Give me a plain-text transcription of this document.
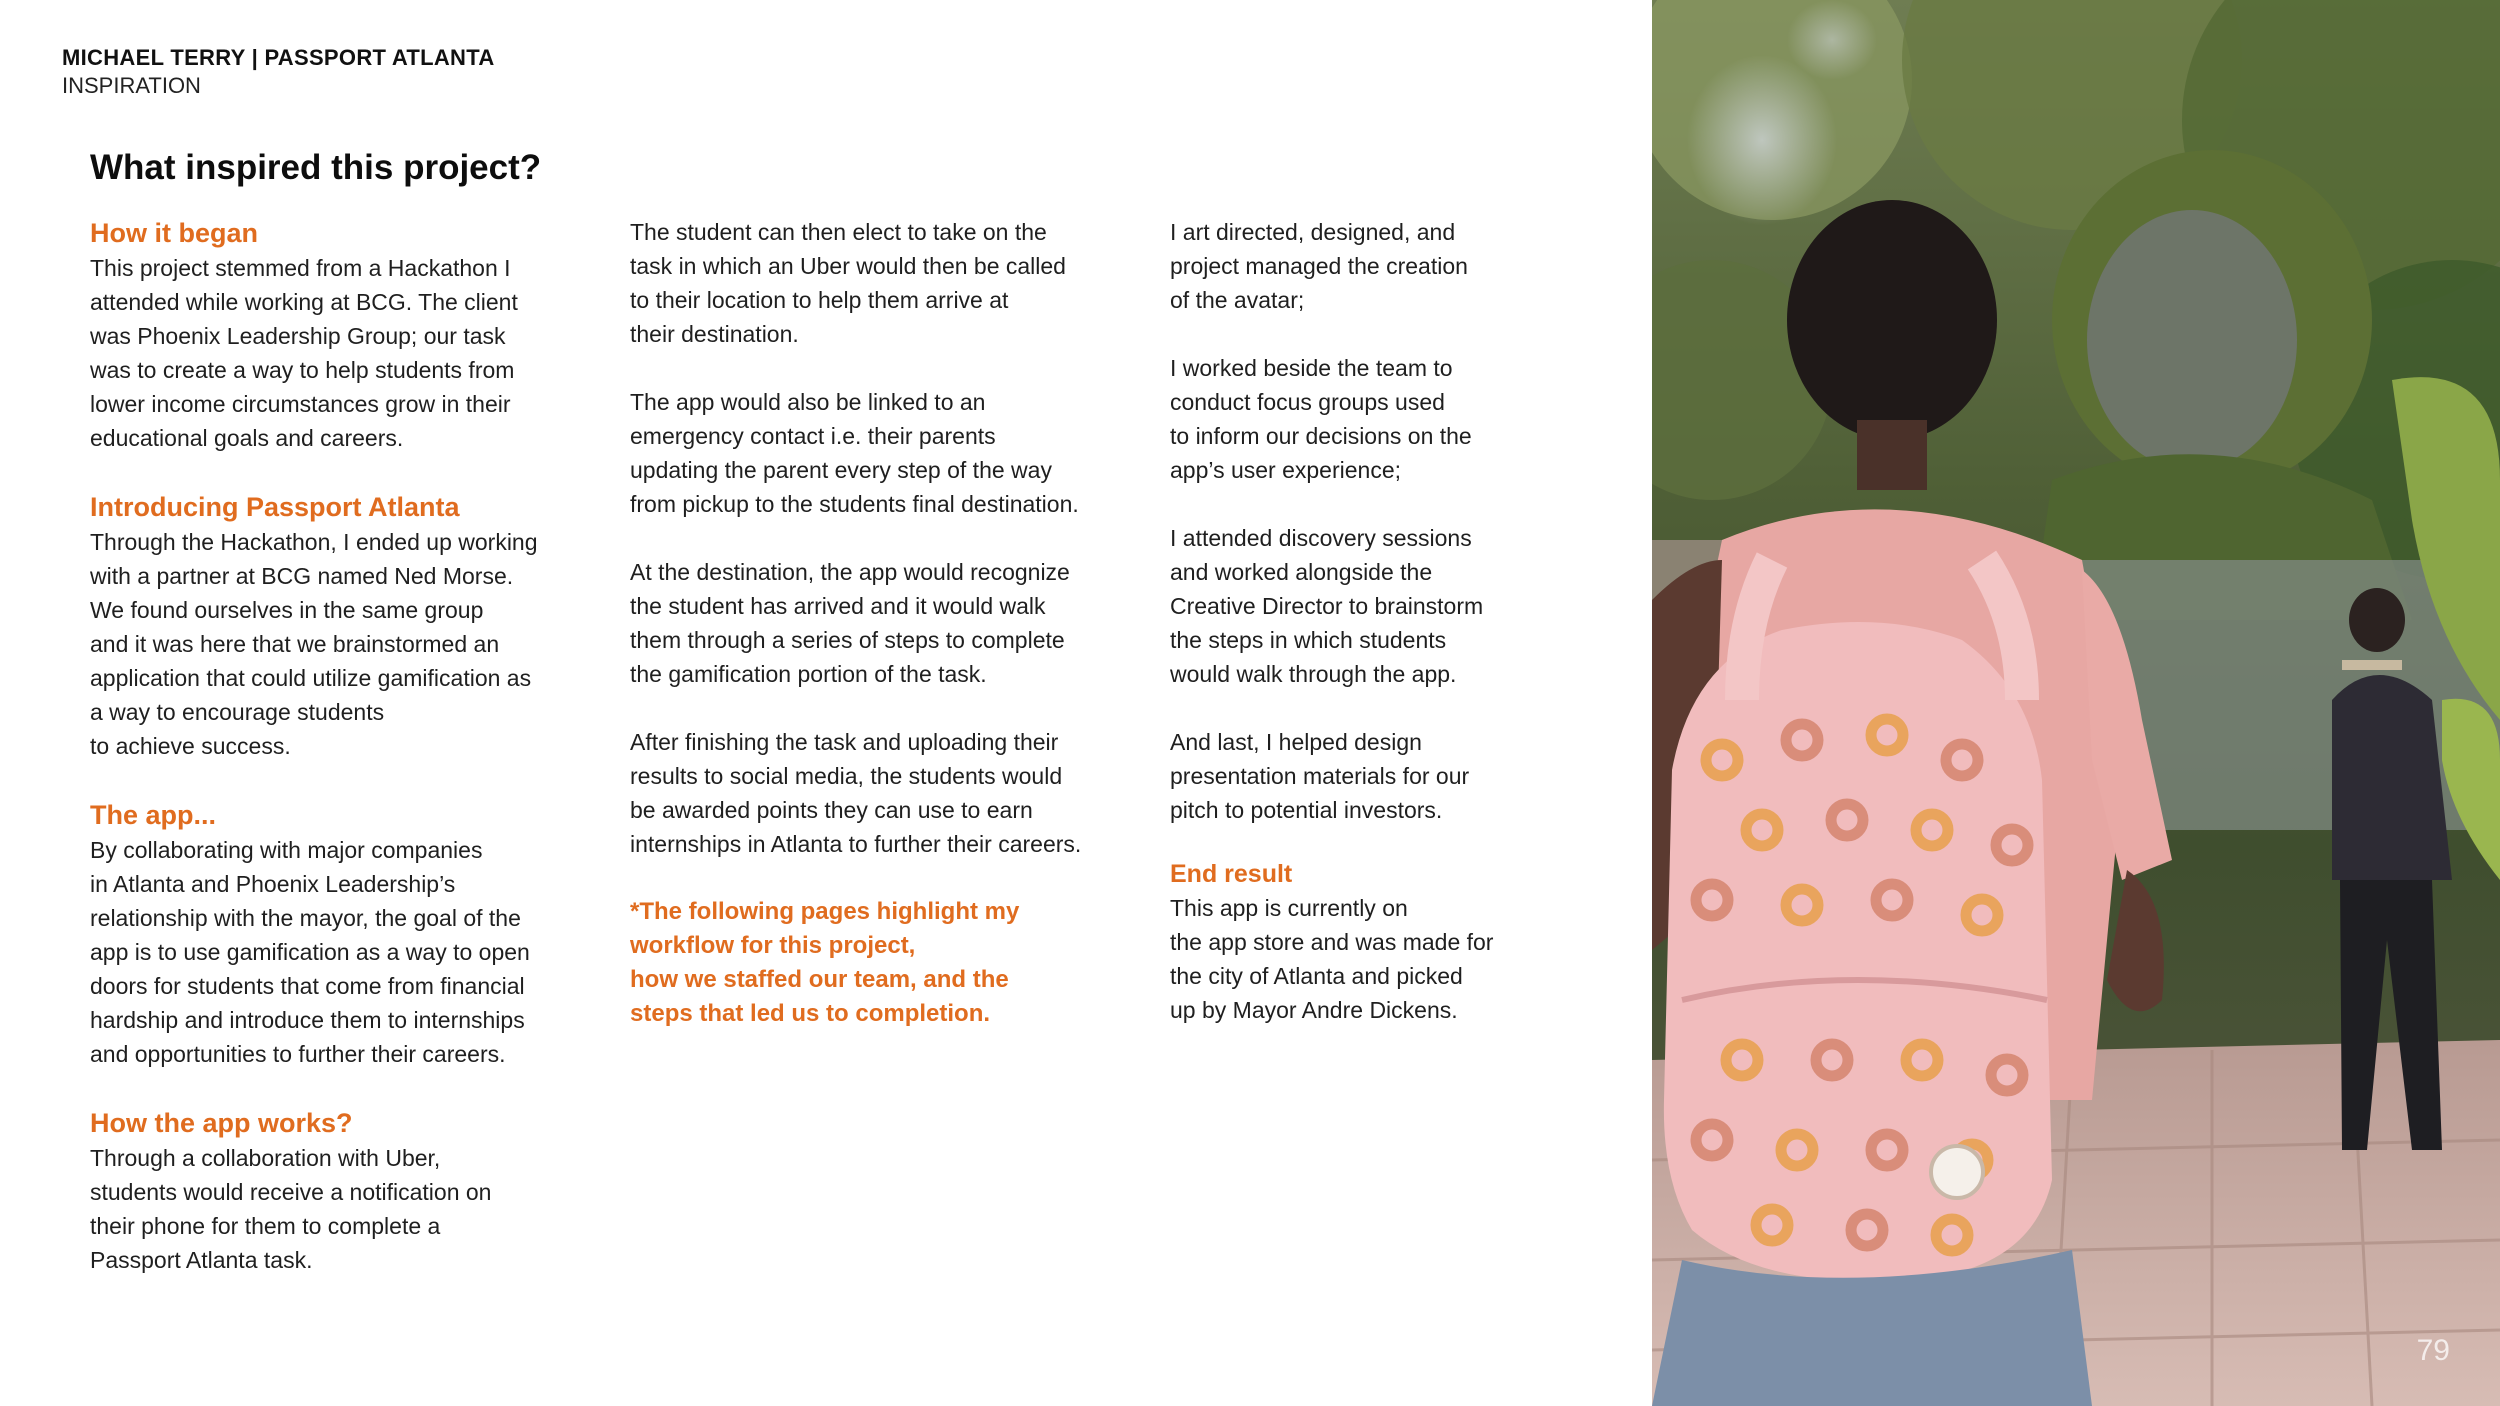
MICHAEL TERRY | PASSPORT ATLANTA
INSPIRATION
What inspired this project?
How it began

This project stemmed from a Hackathon I
attended while working at BCG. The client
was Phoenix Leadership Group; our task
was to create a way to help students from
lower income circumstances grow in their
educational goals and careers.

Introducing Passport Atlanta

Through the Hackathon, I ended up working
with a partner at BCG named Ned Morse.
We found ourselves in the same group
and it was here that we brainstormed an
application that could utilize gamification as
a way to encourage students
to achieve success.

The app...

By collaborating with major companies
in Atlanta and Phoenix Leadership’s
relationship with the mayor, the goal of the
app is to use gamification as a way to open
doors for students that come from financial
hardship and introduce them to internships
and opportunities to further their careers.

How the app works?

Through a collaboration with Uber,
students would receive a notification on
their phone for them to complete a
Passport Atlanta task.

The student can then elect to take on the
task in which an Uber would then be called
to their location to help them arrive at
their destination.

The app would also be linked to an
emergency contact i.e. their parents
updating the parent every step of the way
from pickup to the students final destination.

At the destination, the app would recognize
the student has arrived and it would walk
them through a series of steps to complete
the gamification portion of the task.

After finishing the task and uploading their
results to social media, the students would
be awarded points they can use to earn
internships in Atlanta to further their careers.

*The following pages highlight my
workflow for this project,
how we staffed our team, and the
steps that led us to completion.

I art directed, designed, and
project managed the creation
of the avatar;

I worked beside the team to
conduct focus groups used
to inform our decisions on the
app’s user experience;

I attended discovery sessions
and worked alongside the
Creative Director to brainstorm
the steps in which students
would walk through the app.

And last, I helped design
presentation materials for our
pitch to potential investors.

End result

This app is currently on
the app store and was made for
the city of Atlanta and picked
up by Mayor Andre Dickens.

79
